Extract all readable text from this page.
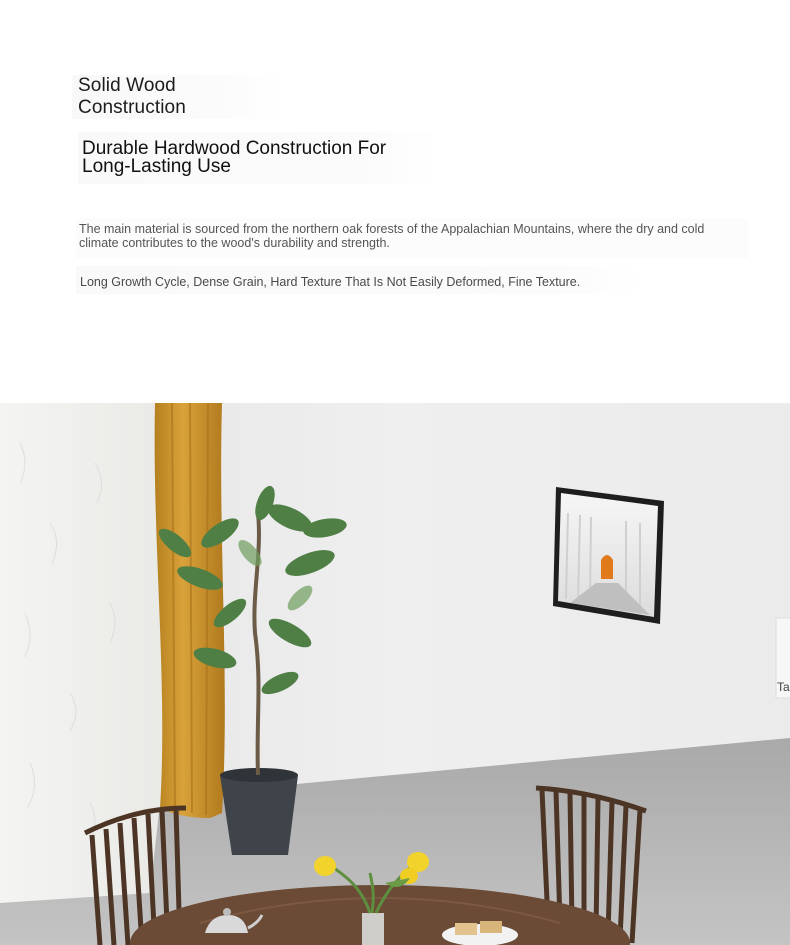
Solid Wood Construction
Durable Hardwood Construction For Long-Lasting Use
The main material is sourced from the northern oak forests of the Appalachian Mountains, where the dry and cold climate contributes to the wood's durability and strength.
Long Growth Cycle, Dense Grain, Hard Texture That Is Not Easily Deformed, Fine Texture.
Ta
